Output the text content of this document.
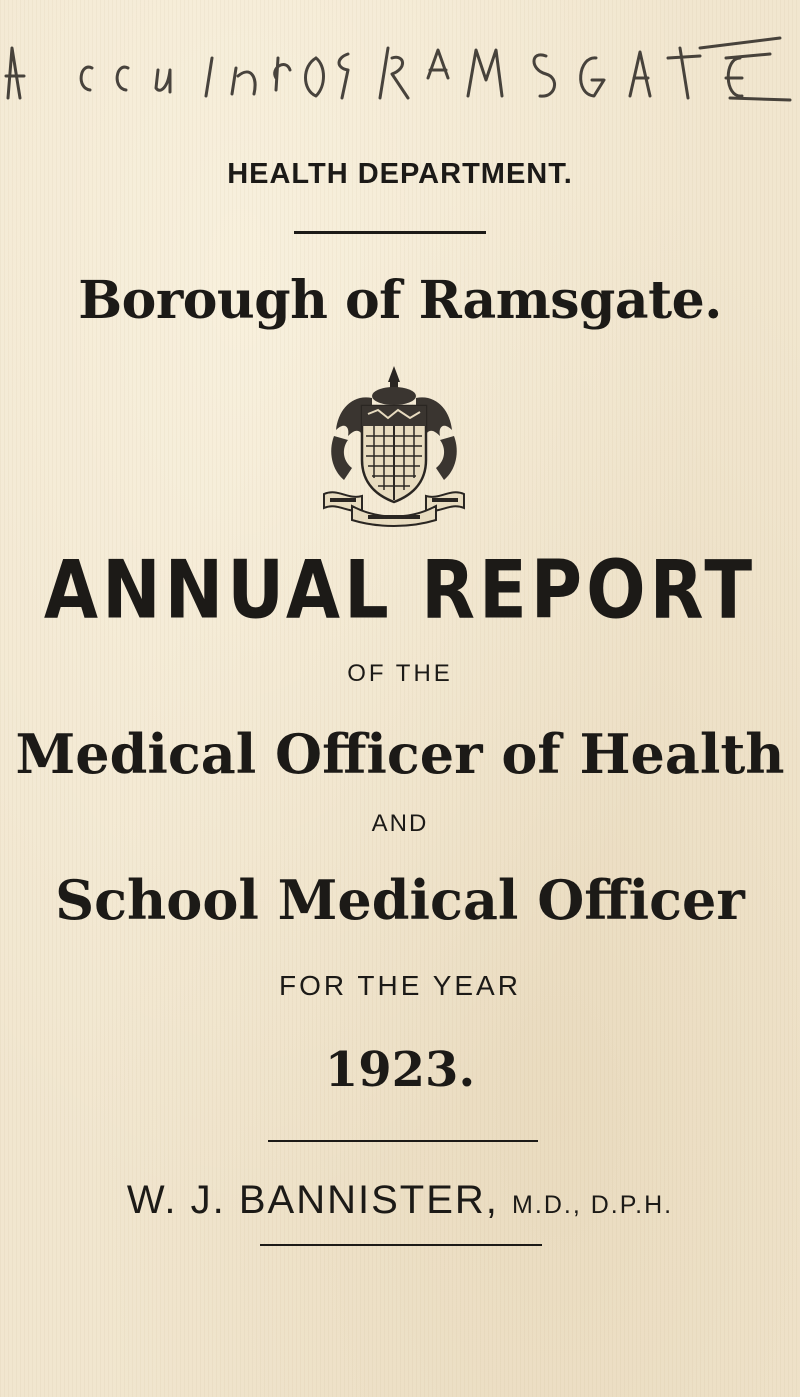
HEALTH DEPARTMENT.
Borough of Ramsgate.
ANNUAL REPORT
OF THE
Medical Officer of Health
AND
School Medical Officer
FOR THE YEAR
1923.
W. J. BANNISTER, M.D., D.P.H.
